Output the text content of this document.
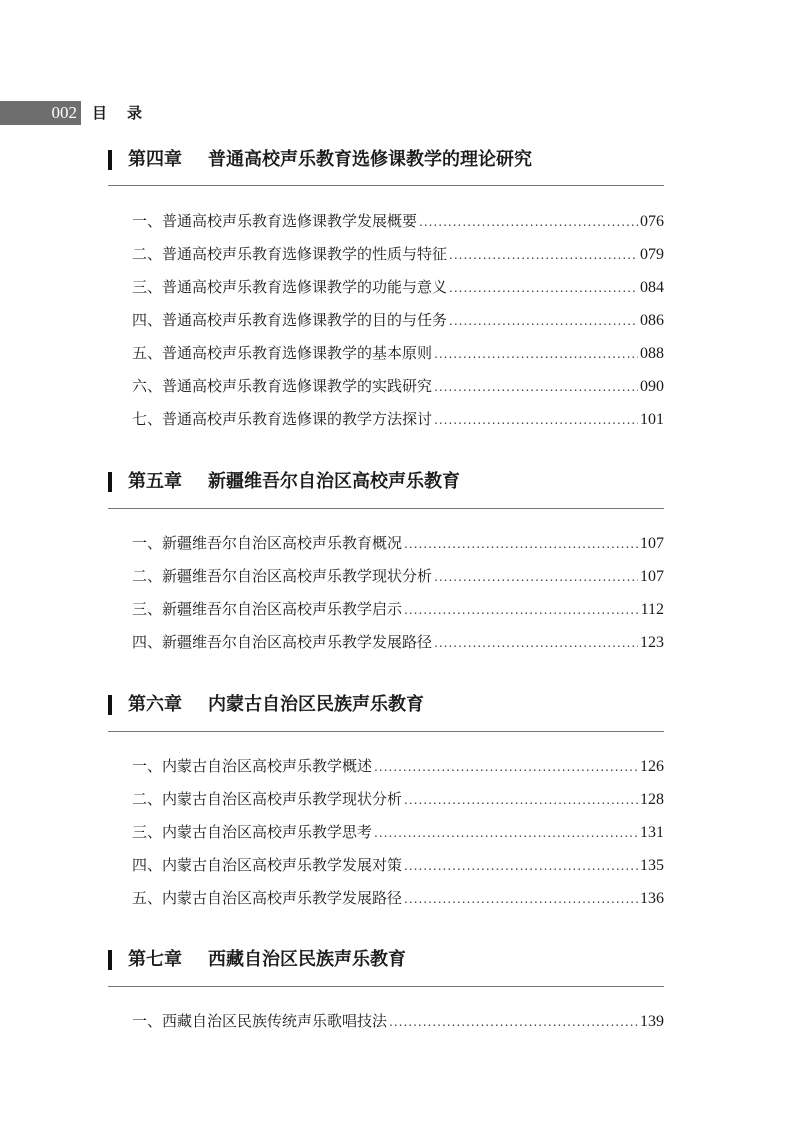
002 目录
第四章 普通高校声乐教育选修课教学的理论研究
一、普通高校声乐教育选修课教学发展概要 .....	076
二、普通高校声乐教育选修课教学的性质与特征 .....	079
三、普通高校声乐教育选修课教学的功能与意义 .....	084
四、普通高校声乐教育选修课教学的目的与任务 .....	086
五、普通高校声乐教育选修课教学的基本原则 .....	088
六、普通高校声乐教育选修课教学的实践研究 .....	090
七、普通高校声乐教育选修课的教学方法探讨 .....	101
第五章 新疆维吾尔自治区高校声乐教育
一、新疆维吾尔自治区高校声乐教育概况 .....	107
二、新疆维吾尔自治区高校声乐教学现状分析 .....	107
三、新疆维吾尔自治区高校声乐教学启示 .....	112
四、新疆维吾尔自治区高校声乐教学发展路径 .....	123
第六章 内蒙古自治区民族声乐教育
一、内蒙古自治区高校声乐教学概述 .....	126
二、内蒙古自治区高校声乐教学现状分析 .....	128
三、内蒙古自治区高校声乐教学思考 .....	131
四、内蒙古自治区高校声乐教学发展对策 .....	135
五、内蒙古自治区高校声乐教学发展路径 .....	136
第七章 西藏自治区民族声乐教育
一、西藏自治区民族传统声乐歌唱技法 .....	139
